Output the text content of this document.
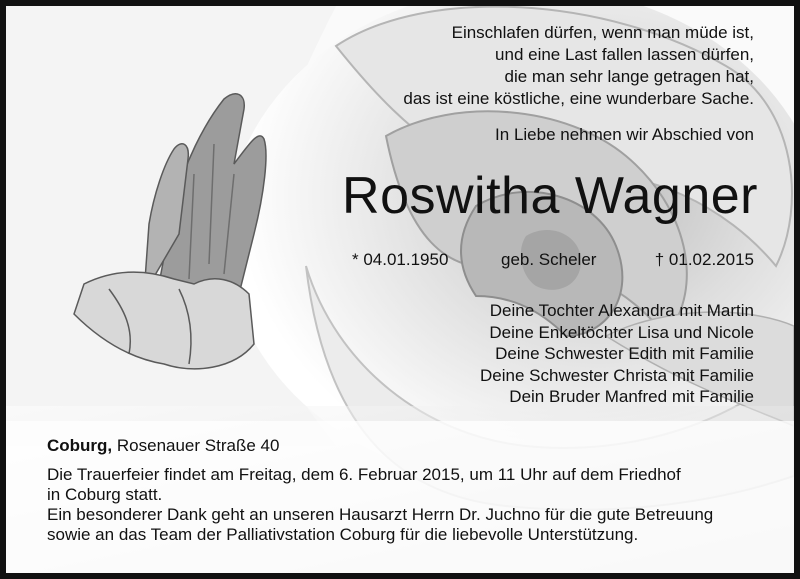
Einschlafen dürfen, wenn man müde ist,
und eine Last fallen lassen dürfen,
die man sehr lange getragen hat,
das ist eine köstliche, eine wunderbare Sache.
In Liebe nehmen wir Abschied von
Roswitha Wagner
* 04.01.1950	geb. Scheler	† 01.02.2015
Deine Tochter Alexandra mit Martin
Deine Enkeltöchter Lisa und Nicole
Deine Schwester Edith mit Familie
Deine Schwester Christa mit Familie
Dein Bruder Manfred mit Familie
Coburg, Rosenauer Straße 40
Die Trauerfeier findet am Freitag, dem 6. Februar 2015, um 11 Uhr auf dem Friedhof
in Coburg statt.
Ein besonderer Dank geht an unseren Hausarzt Herrn Dr. Juchno für die gute Betreuung
sowie an das Team der Palliativstation Coburg für die liebevolle Unterstützung.
